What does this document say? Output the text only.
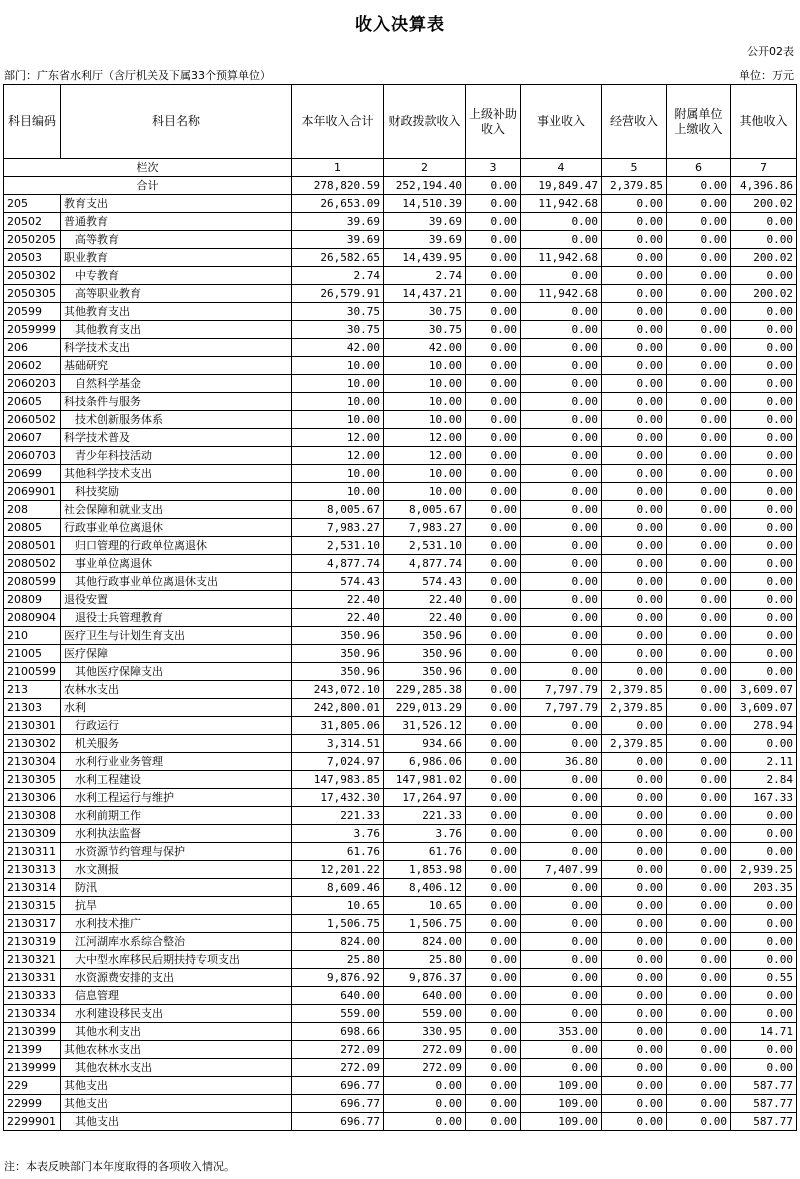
收入决算表
公开02表
部门：广东省水利厅（含厅机关及下属33个预算单位）	单位：万元
科目编码	科目名称	本年收入合计	财政拨款收入	上级补助收入	事业收入	经营收入	附属单位上缴收入	其他收入
栏次		1	2	3	4	5	6	7
合计		278,820.59	252,194.40	0.00	19,849.47	2,379.85	0.00	4,396.86
205	教育支出	26,653.09	14,510.39	0.00	11,942.68	0.00	0.00	200.02
20502	普通教育	39.69	39.69	0.00	0.00	0.00	0.00	0.00
2050205	高等教育	39.69	39.69	0.00	0.00	0.00	0.00	0.00
20503	职业教育	26,582.65	14,439.95	0.00	11,942.68	0.00	0.00	200.02
2050302	中专教育	2.74	2.74	0.00	0.00	0.00	0.00	0.00
2050305	高等职业教育	26,579.91	14,437.21	0.00	11,942.68	0.00	0.00	200.02
20599	其他教育支出	30.75	30.75	0.00	0.00	0.00	0.00	0.00
2059999	其他教育支出	30.75	30.75	0.00	0.00	0.00	0.00	0.00
206	科学技术支出	42.00	42.00	0.00	0.00	0.00	0.00	0.00
20602	基础研究	10.00	10.00	0.00	0.00	0.00	0.00	0.00
2060203	自然科学基金	10.00	10.00	0.00	0.00	0.00	0.00	0.00
20605	科技条件与服务	10.00	10.00	0.00	0.00	0.00	0.00	0.00
2060502	技术创新服务体系	10.00	10.00	0.00	0.00	0.00	0.00	0.00
20607	科学技术普及	12.00	12.00	0.00	0.00	0.00	0.00	0.00
2060703	青少年科技活动	12.00	12.00	0.00	0.00	0.00	0.00	0.00
20699	其他科学技术支出	10.00	10.00	0.00	0.00	0.00	0.00	0.00
2069901	科技奖励	10.00	10.00	0.00	0.00	0.00	0.00	0.00
208	社会保障和就业支出	8,005.67	8,005.67	0.00	0.00	0.00	0.00	0.00
20805	行政事业单位离退休	7,983.27	7,983.27	0.00	0.00	0.00	0.00	0.00
2080501	归口管理的行政单位离退休	2,531.10	2,531.10	0.00	0.00	0.00	0.00	0.00
2080502	事业单位离退休	4,877.74	4,877.74	0.00	0.00	0.00	0.00	0.00
2080599	其他行政事业单位离退休支出	574.43	574.43	0.00	0.00	0.00	0.00	0.00
20809	退役安置	22.40	22.40	0.00	0.00	0.00	0.00	0.00
2080904	退役士兵管理教育	22.40	22.40	0.00	0.00	0.00	0.00	0.00
210	医疗卫生与计划生育支出	350.96	350.96	0.00	0.00	0.00	0.00	0.00
21005	医疗保障	350.96	350.96	0.00	0.00	0.00	0.00	0.00
2100599	其他医疗保障支出	350.96	350.96	0.00	0.00	0.00	0.00	0.00
213	农林水支出	243,072.10	229,285.38	0.00	7,797.79	2,379.85	0.00	3,609.07
21303	水利	242,800.01	229,013.29	0.00	7,797.79	2,379.85	0.00	3,609.07
2130301	行政运行	31,805.06	31,526.12	0.00	0.00	0.00	0.00	278.94
2130302	机关服务	3,314.51	934.66	0.00	0.00	2,379.85	0.00	0.00
2130304	水利行业业务管理	7,024.97	6,986.06	0.00	36.80	0.00	0.00	2.11
2130305	水利工程建设	147,983.85	147,981.02	0.00	0.00	0.00	0.00	2.84
2130306	水利工程运行与维护	17,432.30	17,264.97	0.00	0.00	0.00	0.00	167.33
2130308	水利前期工作	221.33	221.33	0.00	0.00	0.00	0.00	0.00
2130309	水利执法监督	3.76	3.76	0.00	0.00	0.00	0.00	0.00
2130311	水资源节约管理与保护	61.76	61.76	0.00	0.00	0.00	0.00	0.00
2130313	水文测报	12,201.22	1,853.98	0.00	7,407.99	0.00	0.00	2,939.25
2130314	防汛	8,609.46	8,406.12	0.00	0.00	0.00	0.00	203.35
2130315	抗旱	10.65	10.65	0.00	0.00	0.00	0.00	0.00
2130317	水利技术推广	1,506.75	1,506.75	0.00	0.00	0.00	0.00	0.00
2130319	江河湖库水系综合整治	824.00	824.00	0.00	0.00	0.00	0.00	0.00
2130321	大中型水库移民后期扶持专项支出	25.80	25.80	0.00	0.00	0.00	0.00	0.00
2130331	水资源费安排的支出	9,876.92	9,876.37	0.00	0.00	0.00	0.00	0.55
2130333	信息管理	640.00	640.00	0.00	0.00	0.00	0.00	0.00
2130334	水利建设移民支出	559.00	559.00	0.00	0.00	0.00	0.00	0.00
2130399	其他水利支出	698.66	330.95	0.00	353.00	0.00	0.00	14.71
21399	其他农林水支出	272.09	272.09	0.00	0.00	0.00	0.00	0.00
2139999	其他农林水支出	272.09	272.09	0.00	0.00	0.00	0.00	0.00
229	其他支出	696.77	0.00	0.00	109.00	0.00	0.00	587.77
22999	其他支出	696.77	0.00	0.00	109.00	0.00	0.00	587.77
2299901	其他支出	696.77	0.00	0.00	109.00	0.00	0.00	587.77
注：本表反映部门本年度取得的各项收入情况。
